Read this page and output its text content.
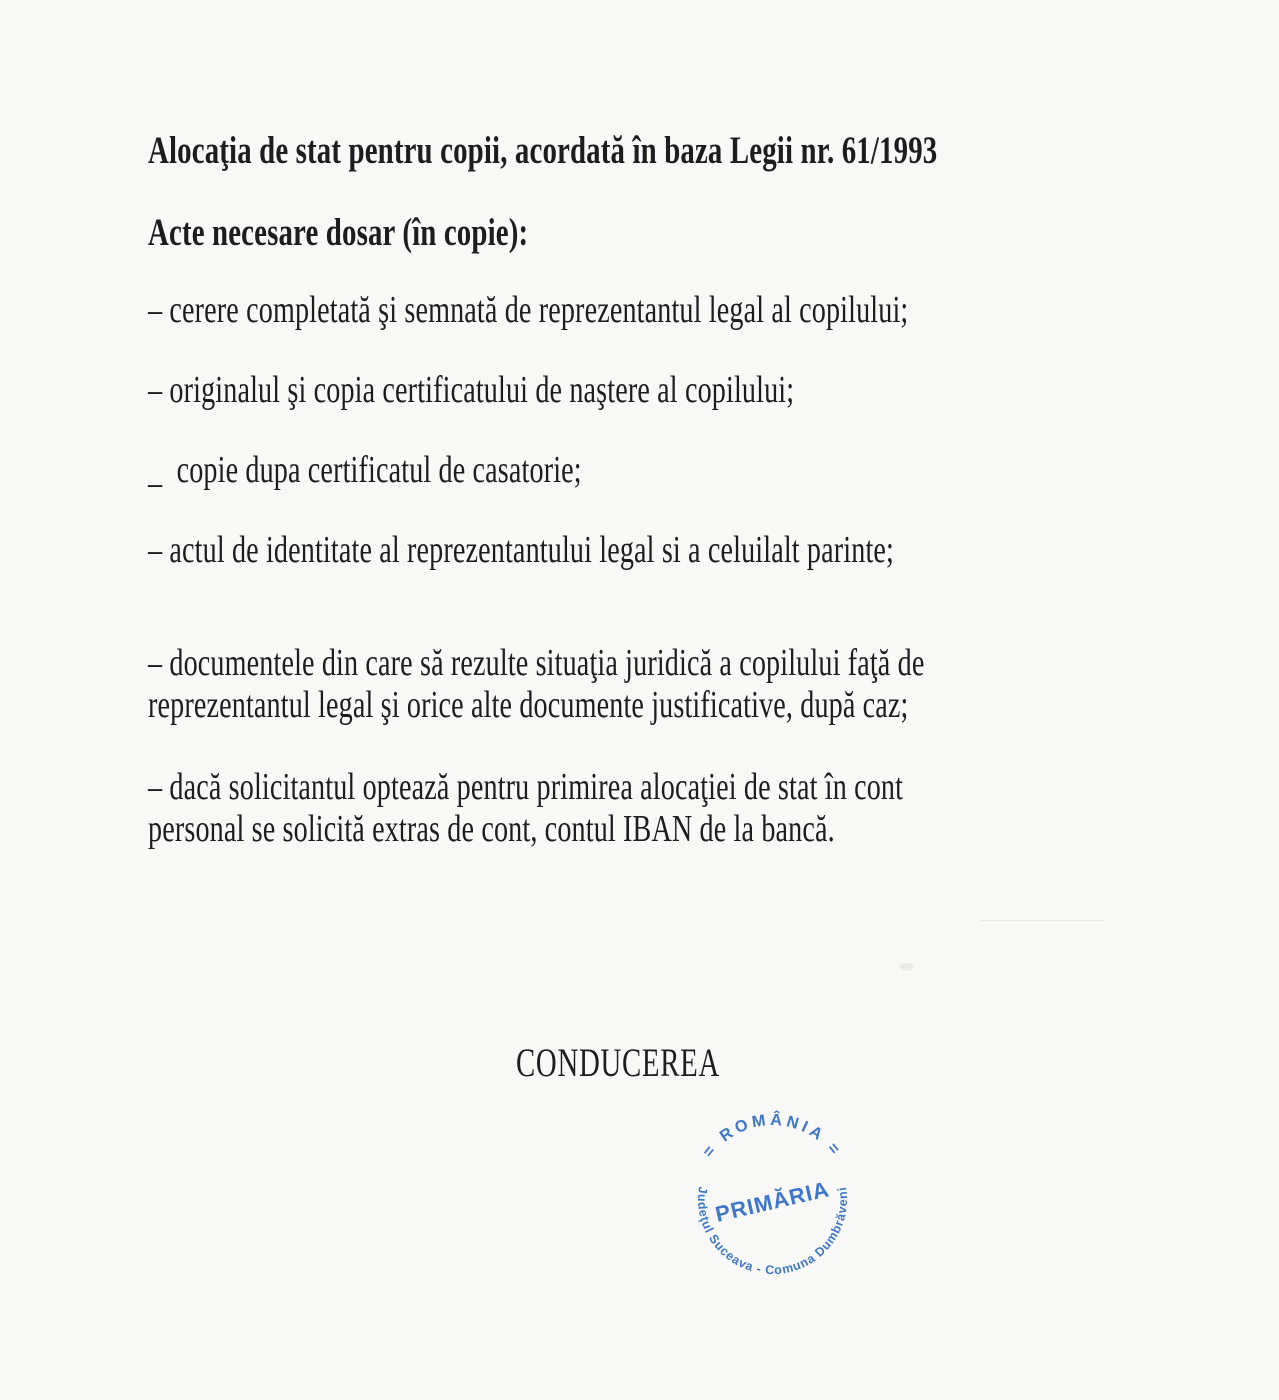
Alocaţia de stat pentru copii, acordată în baza Legii nr. 61/1993
Acte necesare dosar (în copie):
– cerere completată şi semnată de reprezentantul legal al copilului;
– originalul şi copia certificatului de naştere al copilului;
_  copie dupa certificatul de casatorie;
– actul de identitate al reprezentantului legal si a celuilalt parinte;
– documentele din care să rezulte situaţia juridică a copilului faţă de
reprezentantul legal şi orice alte documente justificative, după caz;
– dacă solicitantul optează pentru primirea alocaţiei de stat în cont
personal se solicită extras de cont, contul IBAN de la bancă.
CONDUCEREA
= ROMÂNIA =
Judeţul Suceava - Comuna Dumbrăveni
PRIMĂRIA
